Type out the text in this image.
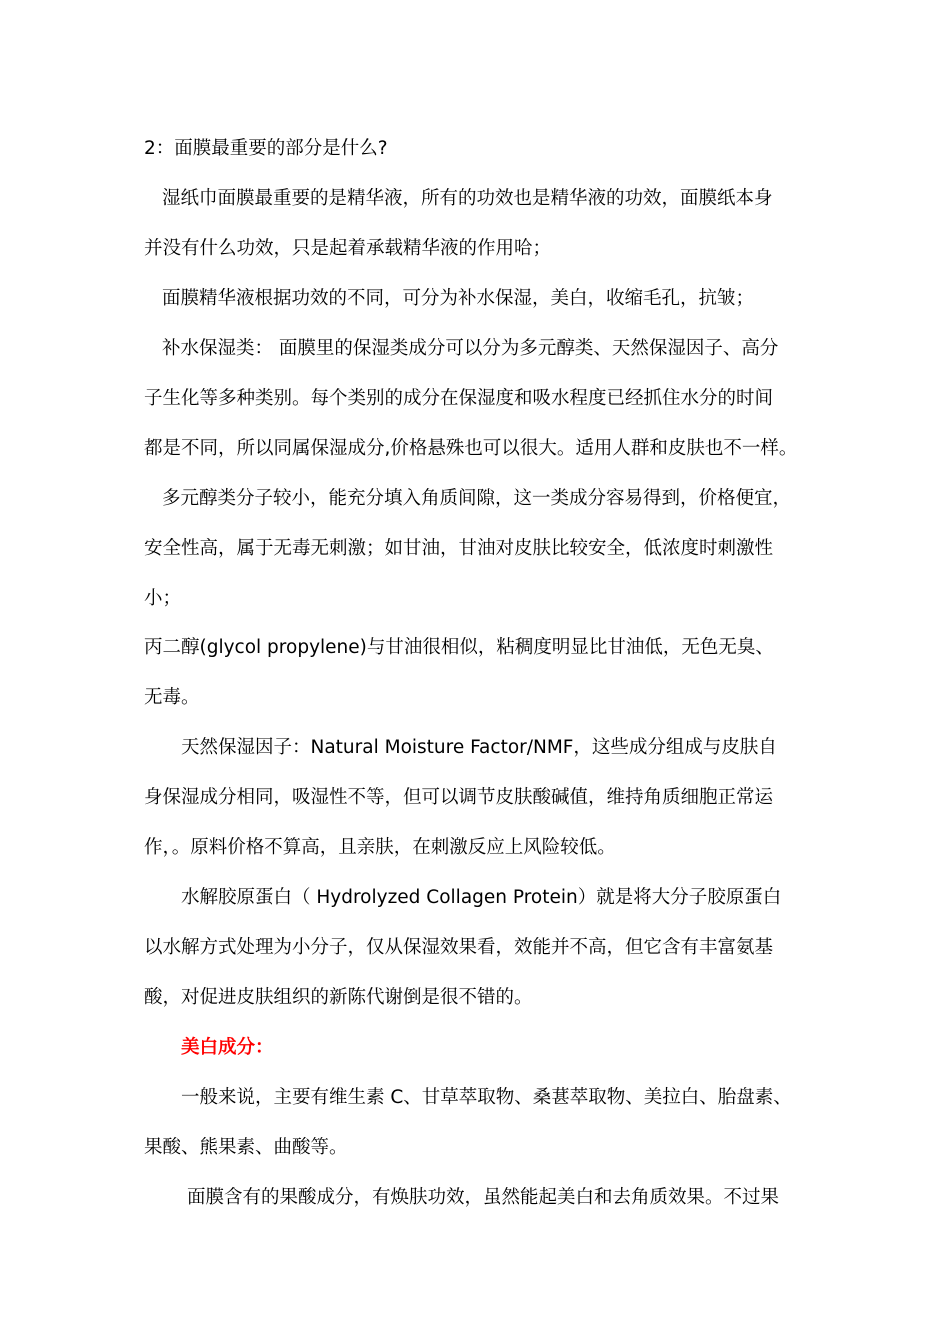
2：面膜最重要的部分是什么?
湿纸巾面膜最重要的是精华液，所有的功效也是精华液的功效，面膜纸本身
并没有什么功效，只是起着承载精华液的作用哈；
面膜精华液根据功效的不同，可分为补水保湿，美白，收缩毛孔，抗皱；
补水保湿类： 面膜里的保湿类成分可以分为多元醇类、天然保湿因子、高分
子生化等多种类别。每个类别的成分在保湿度和吸水程度已经抓住水分的时间
都是不同，所以同属保湿成分,价格悬殊也可以很大。适用人群和皮肤也不一样。
多元醇类分子较小，能充分填入角质间隙，这一类成分容易得到，价格便宜，
安全性高，属于无毒无刺激；如甘油，甘油对皮肤比较安全，低浓度时刺激性
小；
丙二醇(glycol propylene)与甘油很相似，粘稠度明显比甘油低，无色无臭、
无毒。
天然保湿因子：Natural Moisture Factor/NMF，这些成分组成与皮肤自
身保湿成分相同，吸湿性不等，但可以调节皮肤酸碱值，维持角质细胞正常运
作，。原料价格不算高，且亲肤，在刺激反应上风险较低。
水解胶原蛋白（ Hydrolyzed Collagen Protein）就是将大分子胶原蛋白
以水解方式处理为小分子，仅从保湿效果看，效能并不高，但它含有丰富氨基
酸，对促进皮肤组织的新陈代谢倒是很不错的。
美白成分：
一般来说，主要有维生素 C、甘草萃取物、桑葚萃取物、美拉白、胎盘素、
果酸、熊果素、曲酸等。
面膜含有的果酸成分，有焕肤功效，虽然能起美白和去角质效果。不过果
